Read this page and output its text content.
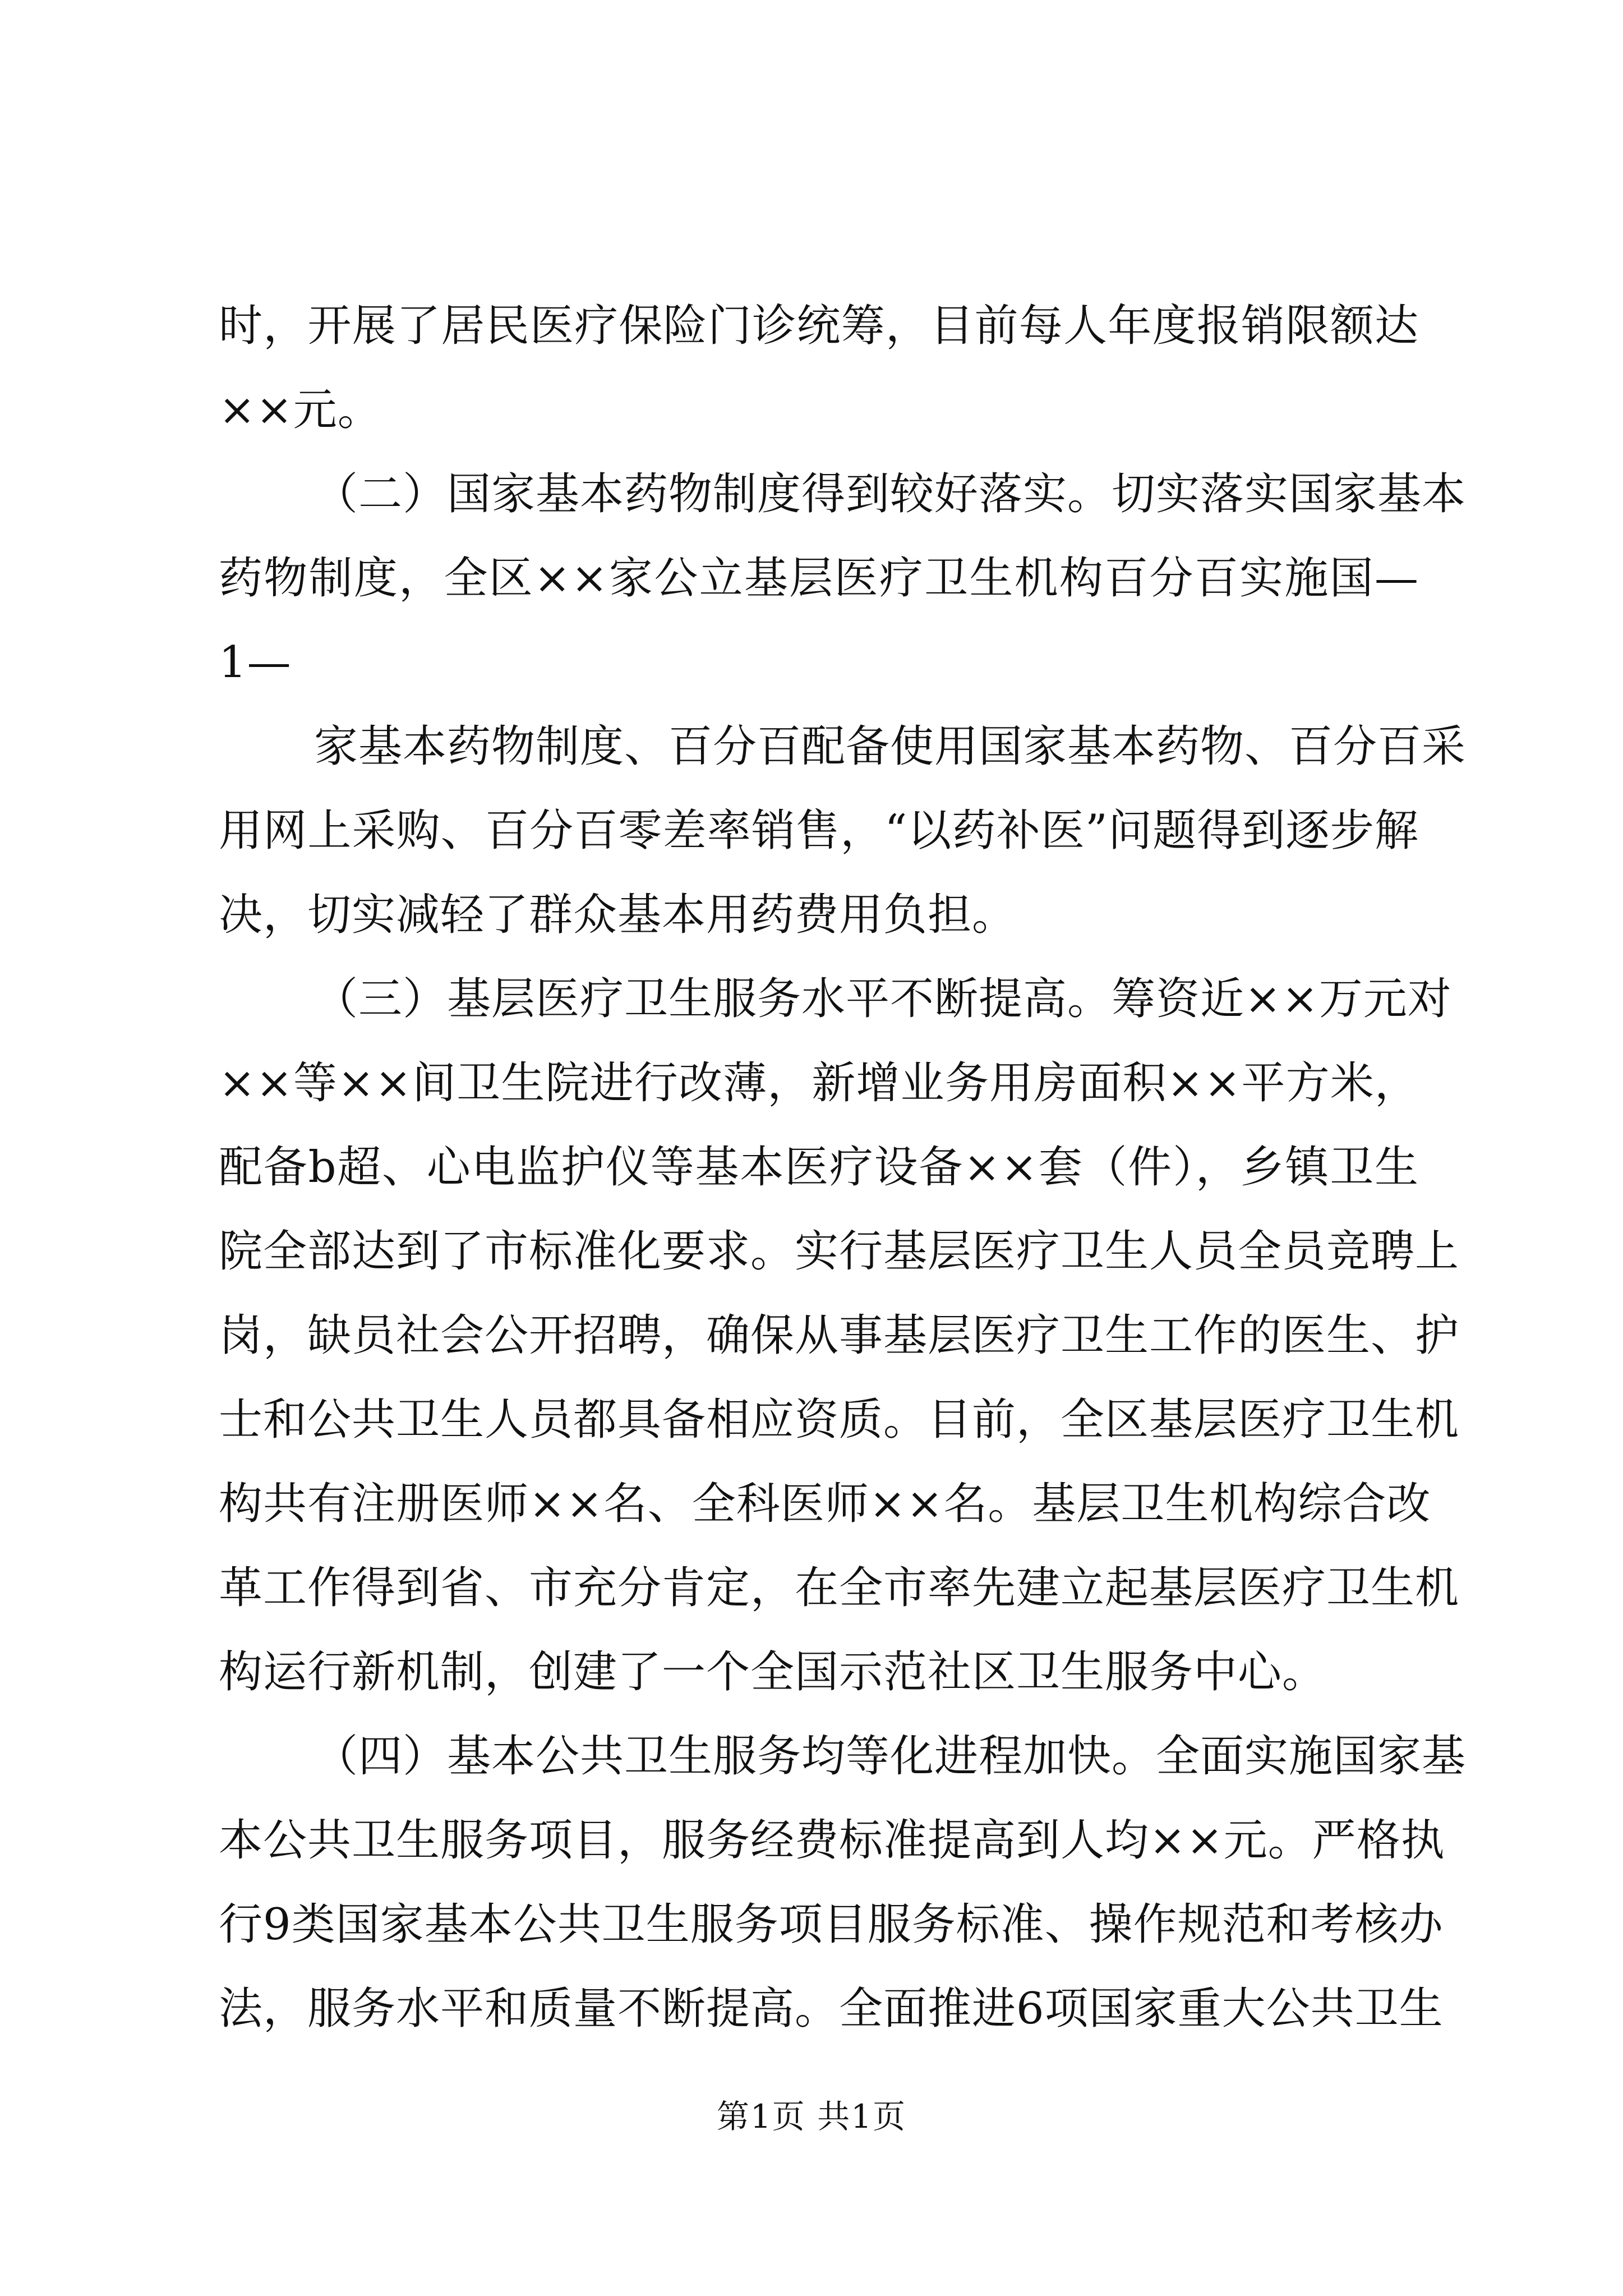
时，开展了居民医疗保险门诊统筹，目前每人年度报销限额达
××元。
（二）国家基本药物制度得到较好落实。切实落实国家基本
药物制度，全区××家公立基层医疗卫生机构百分百实施国—
1—
家基本药物制度、百分百配备使用国家基本药物、百分百采
用网上采购、百分百零差率销售，“以药补医”问题得到逐步解
决，切实减轻了群众基本用药费用负担。
（三）基层医疗卫生服务水平不断提高。筹资近××万元对
××等××间卫生院进行改薄，新增业务用房面积××平方米，
配备b超、心电监护仪等基本医疗设备××套（件），乡镇卫生
院全部达到了市标准化要求。实行基层医疗卫生人员全员竞聘上
岗，缺员社会公开招聘，确保从事基层医疗卫生工作的医生、护
士和公共卫生人员都具备相应资质。目前，全区基层医疗卫生机
构共有注册医师××名、全科医师××名。基层卫生机构综合改
革工作得到省、市充分肯定，在全市率先建立起基层医疗卫生机
构运行新机制，创建了一个全国示范社区卫生服务中心。
（四）基本公共卫生服务均等化进程加快。全面实施国家基
本公共卫生服务项目，服务经费标准提高到人均××元。严格执
行9类国家基本公共卫生服务项目服务标准、操作规范和考核办
法，服务水平和质量不断提高。全面推进6项国家重大公共卫生
第1页 共1页
